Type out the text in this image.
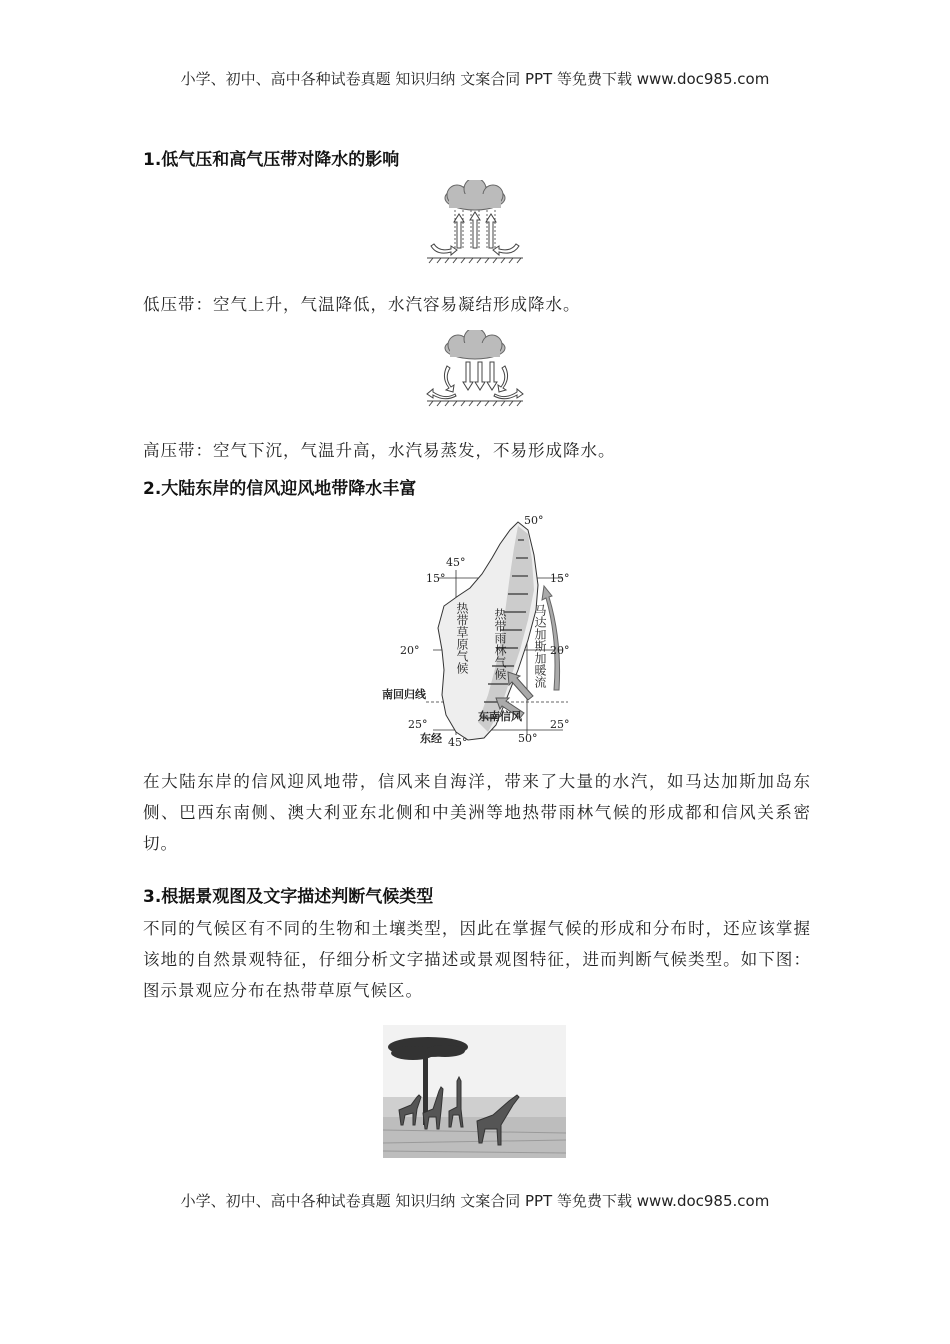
小学、初中、高中各种试卷真题 知识归纳 文案合同 PPT 等免费下载 www.doc985.com
1.低气压和高气压带对降水的影响
低压带：空气上升，气温降低，水汽容易凝结形成降水。
高压带：空气下沉，气温升高，水汽易蒸发，不易形成降水。
2.大陆东岸的信风迎风地带降水丰富
15°	15°
20°	20°
25°	25°
45°
45°
50°
50°
南回归线
东经
东南信风
热带草原气候 热带雨林气候 马达加斯加暖流
在大陆东岸的信风迎风地带，信风来自海洋，带来了大量的水汽，如马达加斯加岛东侧、巴西东南侧、澳大利亚东北侧和中美洲等地热带雨林气候的形成都和信风关系密切。
3.根据景观图及文字描述判断气候类型
不同的气候区有不同的生物和土壤类型，因此在掌握气候的形成和分布时，还应该掌握该地的自然景观特征，仔细分析文字描述或景观图特征，进而判断气候类型。如下图：图示景观应分布在热带草原气候区。
小学、初中、高中各种试卷真题 知识归纳 文案合同 PPT 等免费下载 www.doc985.com
